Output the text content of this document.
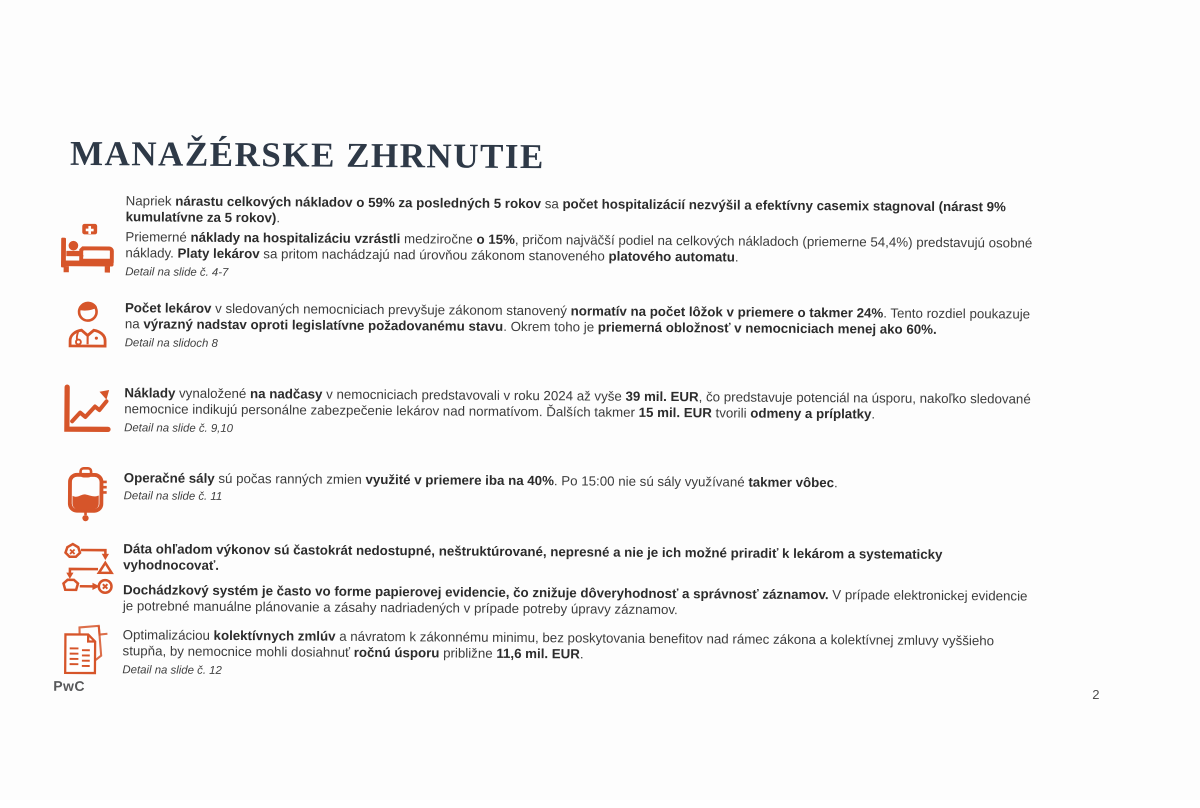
MANAŽÉRSKE ZHRNUTIE

Napriek nárastu celkových nákladov o 59% za posledných 5 rokov sa počet hospitalizácií nezvýšil a efektívny casemix stagnoval (nárast 9% kumulatívne za 5 rokov).

Priemerné náklady na hospitalizáciu vzrástli medziročne o 15%, pričom najväčší podiel na celkových nákladoch (priemerne 54,4%) predstavujú osobné náklady. Platy lekárov sa pritom nachádzajú nad úrovňou zákonom stanoveného platového automatu.

Detail na slide č. 4-7

Počet lekárov v sledovaných nemocniciach prevyšuje zákonom stanovený normatív na počet lôžok v priemere o takmer 24%. Tento rozdiel poukazuje na výrazný nadstav oproti legislatívne požadovanému stavu. Okrem toho je priemerná obložnosť v nemocniciach menej ako 60%.

Detail na slidoch 8

Náklady vynaložené na nadčasy v nemocniciach predstavovali v roku 2024 až vyše 39 mil. EUR, čo predstavuje potenciál na úsporu, nakoľko sledované nemocnice indikujú personálne zabezpečenie lekárov nad normatívom. Ďalších takmer 15 mil. EUR tvorili odmeny a príplatky.

Detail na slide č. 9,10

Operačné sály sú počas ranných zmien využité v priemere iba na 40%. Po 15:00 nie sú sály využívané takmer vôbec.

Detail na slide č. 11

Dáta ohľadom výkonov sú častokrát nedostupné, neštruktúrované, nepresné a nie je ich možné priradiť k lekárom a systematicky vyhodnocovať.

Dochádzkový systém je často vo forme papierovej evidencie, čo znižuje dôveryhodnosť a správnosť záznamov. V prípade elektronickej evidencie je potrebné manuálne plánovanie a zásahy nadriadených v prípade potreby úpravy záznamov.

Optimalizáciou kolektívnych zmlúv a návratom k zákonnému minimu, bez poskytovania benefitov nad rámec zákona a kolektívnej zmluvy vyššieho stupňa, by nemocnice mohli dosiahnuť ročnú úsporu približne 11,6 mil. EUR.

Detail na slide č. 12
PwC
2
